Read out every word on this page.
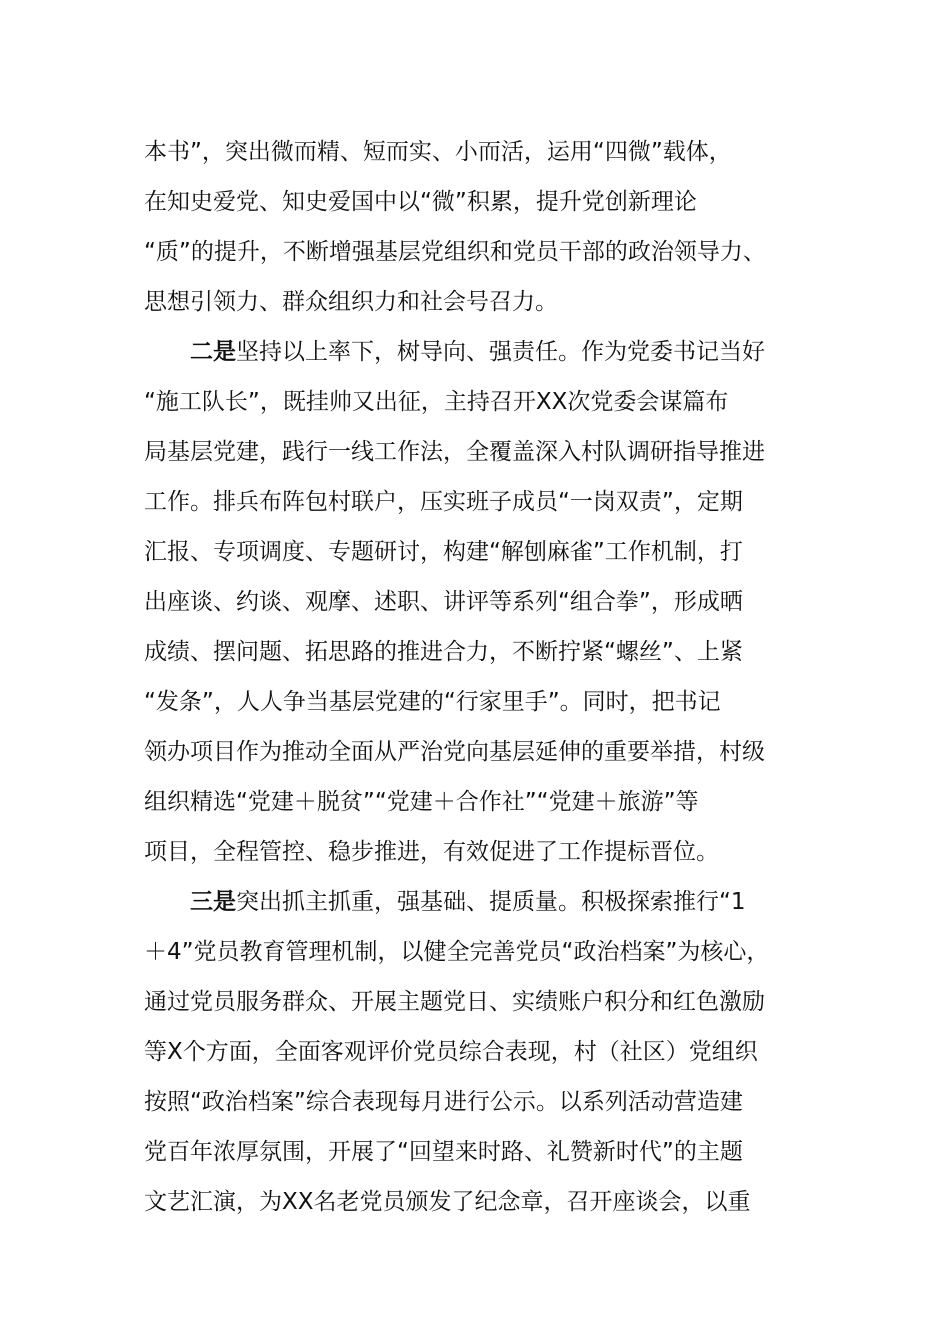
本书”，突出微而精、短而实、小而活，运用“四微”载体，
在知史爱党、知史爱国中以“微”积累，提升党创新理论
“质”的提升，不断增强基层党组织和党员干部的政治领导力、
思想引领力、群众组织力和社会号召力。
二是坚持以上率下，树导向、强责任。作为党委书记当好
“施工队长”，既挂帅又出征，主持召开XX次党委会谋篇布
局基层党建，践行一线工作法，全覆盖深入村队调研指导推进
工作。排兵布阵包村联户，压实班子成员“一岗双责”，定期
汇报、专项调度、专题研讨，构建“解刨麻雀”工作机制，打
出座谈、约谈、观摩、述职、讲评等系列“组合拳”，形成晒
成绩、摆问题、拓思路的推进合力，不断拧紧“螺丝”、上紧
“发条”，人人争当基层党建的“行家里手”。同时，把书记
领办项目作为推动全面从严治党向基层延伸的重要举措，村级
组织精选“党建＋脱贫”“党建＋合作社”“党建＋旅游”等
项目，全程管控、稳步推进，有效促进了工作提标晋位。
三是突出抓主抓重，强基础、提质量。积极探索推行“1
＋4”党员教育管理机制，以健全完善党员“政治档案”为核心，
通过党员服务群众、开展主题党日、实绩账户积分和红色激励
等X个方面，全面客观评价党员综合表现，村（社区）党组织
按照“政治档案”综合表现每月进行公示。以系列活动营造建
党百年浓厚氛围，开展了“回望来时路、礼赞新时代”的主题
文艺汇演，为XX名老党员颁发了纪念章，召开座谈会，以重
